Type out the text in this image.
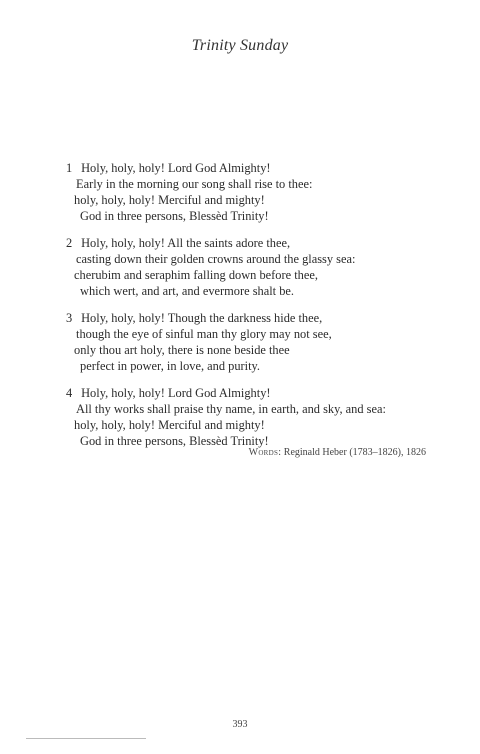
Trinity Sunday
1 Holy, holy, holy! Lord God Almighty!
Early in the morning our song shall rise to thee:
holy, holy, holy! Merciful and mighty!
God in three persons, Blessèd Trinity!
2 Holy, holy, holy! All the saints adore thee,
casting down their golden crowns around the glassy sea:
cherubim and seraphim falling down before thee,
which wert, and art, and evermore shalt be.
3 Holy, holy, holy! Though the darkness hide thee,
though the eye of sinful man thy glory may not see,
only thou art holy, there is none beside thee
perfect in power, in love, and purity.
4 Holy, holy, holy! Lord God Almighty!
All thy works shall praise thy name, in earth, and sky, and sea:
holy, holy, holy! Merciful and mighty!
God in three persons, Blessèd Trinity!
Words: Reginald Heber (1783–1826), 1826
393
